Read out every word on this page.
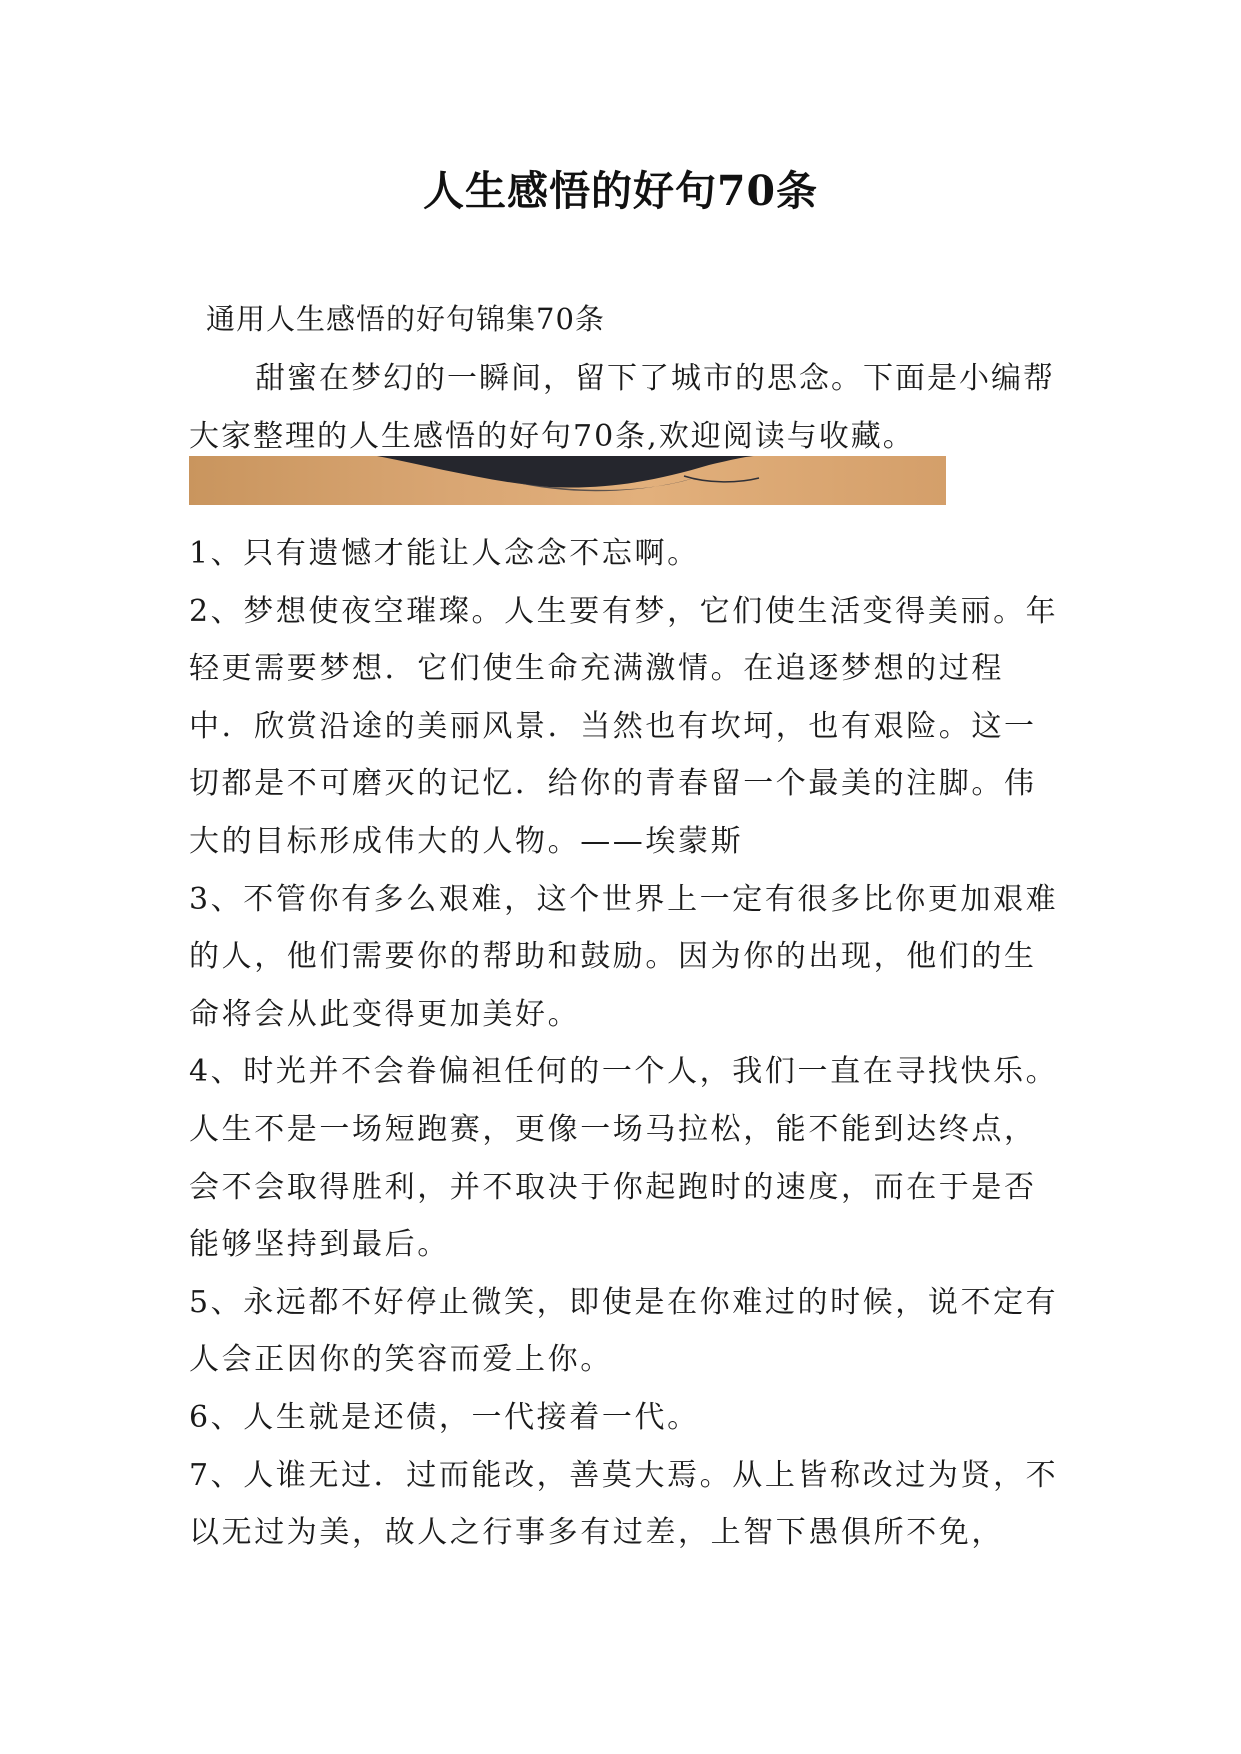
人生感悟的好句70条
通用人生感悟的好句锦集70条
甜蜜在梦幻的一瞬间，留下了城市的思念。下面是小编帮大家整理的人生感悟的好句70条,欢迎阅读与收藏。

1、只有遗憾才能让人念念不忘啊。

2、梦想使夜空璀璨。人生要有梦，它们使生活变得美丽。年轻更需要梦想．它们使生命充满激情。在追逐梦想的过程中．欣赏沿途的美丽风景．当然也有坎坷，也有艰险。这一切都是不可磨灭的记忆．给你的青春留一个最美的注脚。伟大的目标形成伟大的人物。——埃蒙斯

3、不管你有多么艰难，这个世界上一定有很多比你更加艰难的人，他们需要你的帮助和鼓励。因为你的出现，他们的生命将会从此变得更加美好。

4、时光并不会眷偏袒任何的一个人，我们一直在寻找快乐。人生不是一场短跑赛，更像一场马拉松，能不能到达终点，会不会取得胜利，并不取决于你起跑时的速度，而在于是否能够坚持到最后。

5、永远都不好停止微笑，即使是在你难过的时候，说不定有人会正因你的笑容而爱上你。

6、人生就是还债，一代接着一代。

7、人谁无过．过而能改，善莫大焉。从上皆称改过为贤，不以无过为美，故人之行事多有过差，上智下愚俱所不免，
